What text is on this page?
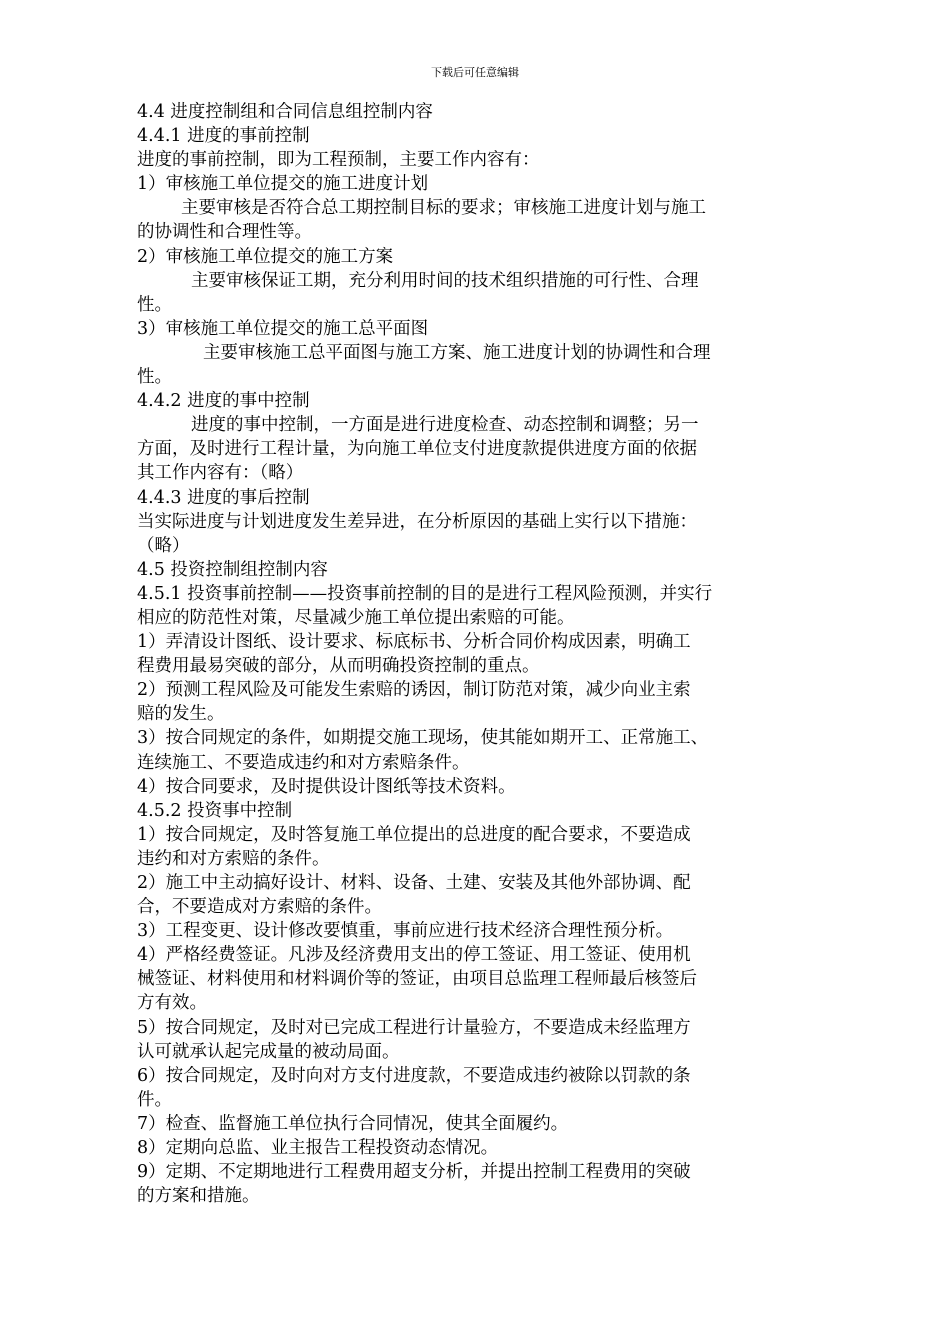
下载后可任意编辑
4.4 进度控制组和合同信息组控制内容
4.4.1 进度的事前控制
进度的事前控制，即为工程预制，主要工作内容有：
1）审核施工单位提交的施工进度计划
主要审核是否符合总工期控制目标的要求；审核施工进度计划与施工
的协调性和合理性等。
2）审核施工单位提交的施工方案
主要审核保证工期，充分利用时间的技术组织措施的可行性、合理
性。
3）审核施工单位提交的施工总平面图
主要审核施工总平面图与施工方案、施工进度计划的协调性和合理
性。
4.4.2 进度的事中控制
进度的事中控制，一方面是进行进度检查、动态控制和调整；另一
方面，及时进行工程计量，为向施工单位支付进度款提供进度方面的依据
其工作内容有：（略）
4.4.3 进度的事后控制
当实际进度与计划进度发生差异进，在分析原因的基础上实行以下措施：
（略）
4.5 投资控制组控制内容
4.5.1 投资事前控制——投资事前控制的目的是进行工程风险预测，并实行
相应的防范性对策，尽量减少施工单位提出索赔的可能。
1）弄清设计图纸、设计要求、标底标书、分析合同价构成因素，明确工
程费用最易突破的部分，从而明确投资控制的重点。
2）预测工程风险及可能发生索赔的诱因，制订防范对策，减少向业主索
赔的发生。
3）按合同规定的条件，如期提交施工现场，使其能如期开工、正常施工、
连续施工、不要造成违约和对方索赔条件。
4）按合同要求，及时提供设计图纸等技术资料。
4.5.2 投资事中控制
1）按合同规定，及时答复施工单位提出的总进度的配合要求，不要造成
违约和对方索赔的条件。
2）施工中主动搞好设计、材料、设备、土建、安装及其他外部协调、配
合，不要造成对方索赔的条件。
3）工程变更、设计修改要慎重，事前应进行技术经济合理性预分析。
4）严格经费签证。凡涉及经济费用支出的停工签证、用工签证、使用机
械签证、材料使用和材料调价等的签证，由项目总监理工程师最后核签后
方有效。
5）按合同规定，及时对已完成工程进行计量验方，不要造成未经监理方
认可就承认起完成量的被动局面。
6）按合同规定，及时向对方支付进度款，不要造成违约被除以罚款的条
件。
7）检查、监督施工单位执行合同情况，使其全面履约。
8）定期向总监、业主报告工程投资动态情况。
9）定期、不定期地进行工程费用超支分析，并提出控制工程费用的突破
的方案和措施。
